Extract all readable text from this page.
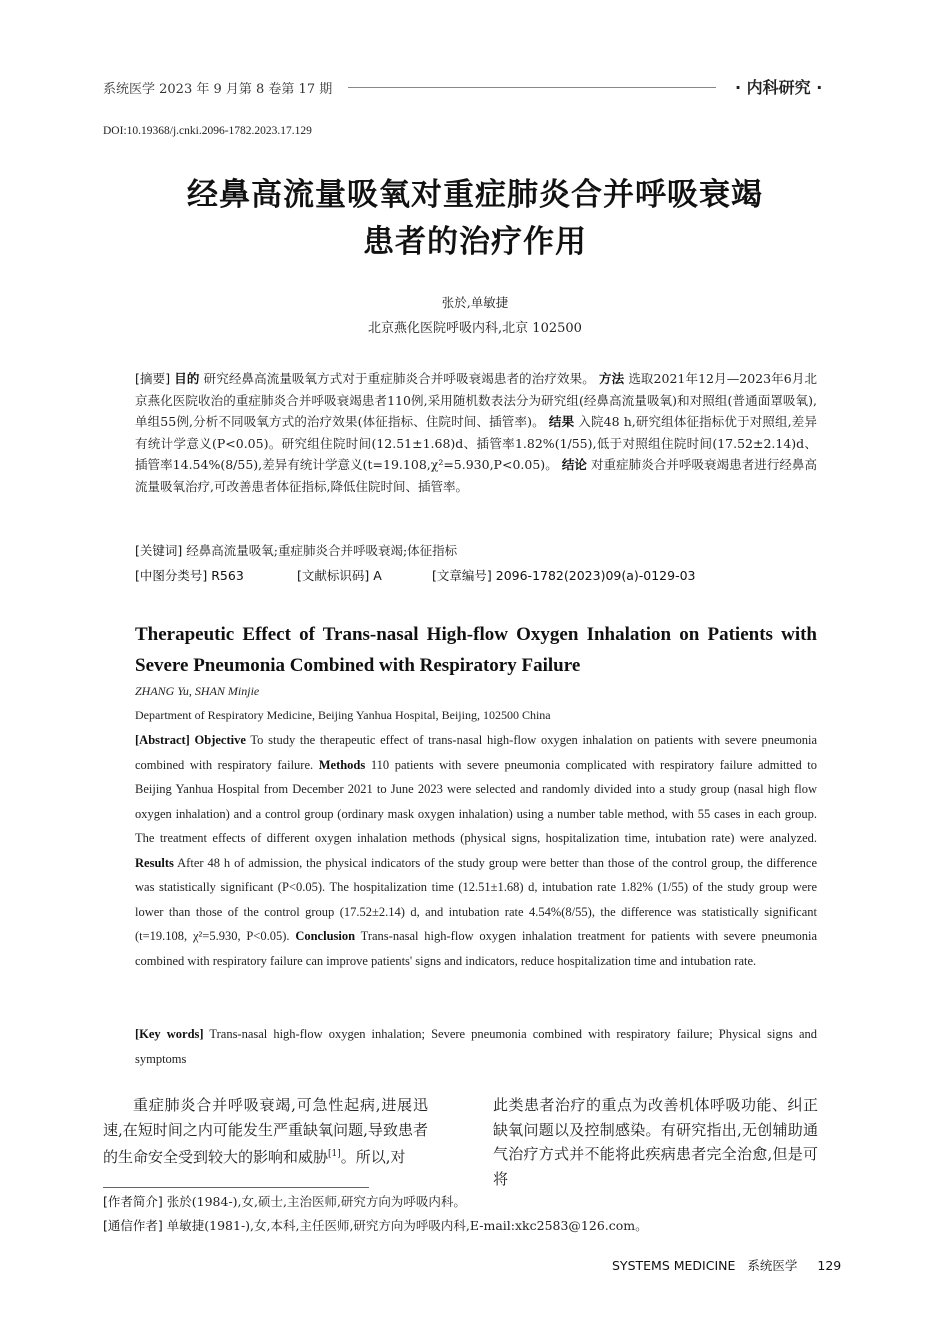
系统医学 2023 年 9 月第 8 卷第 17 期	· 内科研究 ·
DOI:10.19368/j.cnki.2096-1782.2023.17.129
经鼻高流量吸氧对重症肺炎合并呼吸衰竭
患者的治疗作用
张於,单敏捷
北京燕化医院呼吸内科,北京 102500
[摘要] 目的 研究经鼻高流量吸氧方式对于重症肺炎合并呼吸衰竭患者的治疗效果。 方法 选取2021年12月—2023年6月北京燕化医院收治的重症肺炎合并呼吸衰竭患者110例,采用随机数表法分为研究组(经鼻高流量吸氧)和对照组(普通面罩吸氧),单组55例,分析不同吸氧方式的治疗效果(体征指标、住院时间、插管率)。 结果 入院48 h,研究组体征指标优于对照组,差异有统计学意义(P<0.05)。研究组住院时间(12.51±1.68)d、插管率1.82%(1/55),低于对照组住院时间(17.52±2.14)d、插管率14.54%(8/55),差异有统计学意义(t=19.108,χ²=5.930,P<0.05)。 结论 对重症肺炎合并呼吸衰竭患者进行经鼻高流量吸氧治疗,可改善患者体征指标,降低住院时间、插管率。
[关键词] 经鼻高流量吸氧;重症肺炎合并呼吸衰竭;体征指标
[中图分类号] R563	[文献标识码] A	[文章编号] 2096-1782(2023)09(a)-0129-03
Therapeutic Effect of Trans-nasal High-flow Oxygen Inhalation on Patients with Severe Pneumonia Combined with Respiratory Failure
ZHANG Yu, SHAN Minjie
Department of Respiratory Medicine, Beijing Yanhua Hospital, Beijing, 102500 China
[Abstract] Objective To study the therapeutic effect of trans-nasal high-flow oxygen inhalation on patients with severe pneumonia combined with respiratory failure. Methods 110 patients with severe pneumonia complicated with respiratory failure admitted to Beijing Yanhua Hospital from December 2021 to June 2023 were selected and randomly divided into a study group (nasal high flow oxygen inhalation) and a control group (ordinary mask oxygen inhalation) using a number table method, with 55 cases in each group. The treatment effects of different oxygen inhalation methods (physical signs, hospitalization time, intubation rate) were analyzed. Results After 48 h of admission, the physical indicators of the study group were better than those of the control group, the difference was statistically significant (P<0.05). The hospitalization time (12.51±1.68) d, intubation rate 1.82% (1/55) of the study group were lower than those of the control group (17.52±2.14) d, and intubation rate 4.54%(8/55), the difference was statistically significant (t=19.108, χ²=5.930, P<0.05). Conclusion Trans-nasal high-flow oxygen inhalation treatment for patients with severe pneumonia combined with respiratory failure can improve patients' signs and indicators, reduce hospitalization time and intubation rate.
[Key words] Trans-nasal high-flow oxygen inhalation; Severe pneumonia combined with respiratory failure; Physical signs and symptoms
重症肺炎合并呼吸衰竭,可急性起病,进展迅速,在短时间之内可能发生严重缺氧问题,导致患者的生命安全受到较大的影响和威胁[1]。所以,对
此类患者治疗的重点为改善机体呼吸功能、纠正缺氧问题以及控制感染。有研究指出,无创辅助通气治疗方式并不能将此疾病患者完全治愈,但是可将
[作者简介] 张於(1984-),女,硕士,主治医师,研究方向为呼吸内科。
[通信作者] 单敏捷(1981-),女,本科,主任医师,研究方向为呼吸内科,E-mail:xkc2583@126.com。
SYSTEMS MEDICINE 系统医学 129
